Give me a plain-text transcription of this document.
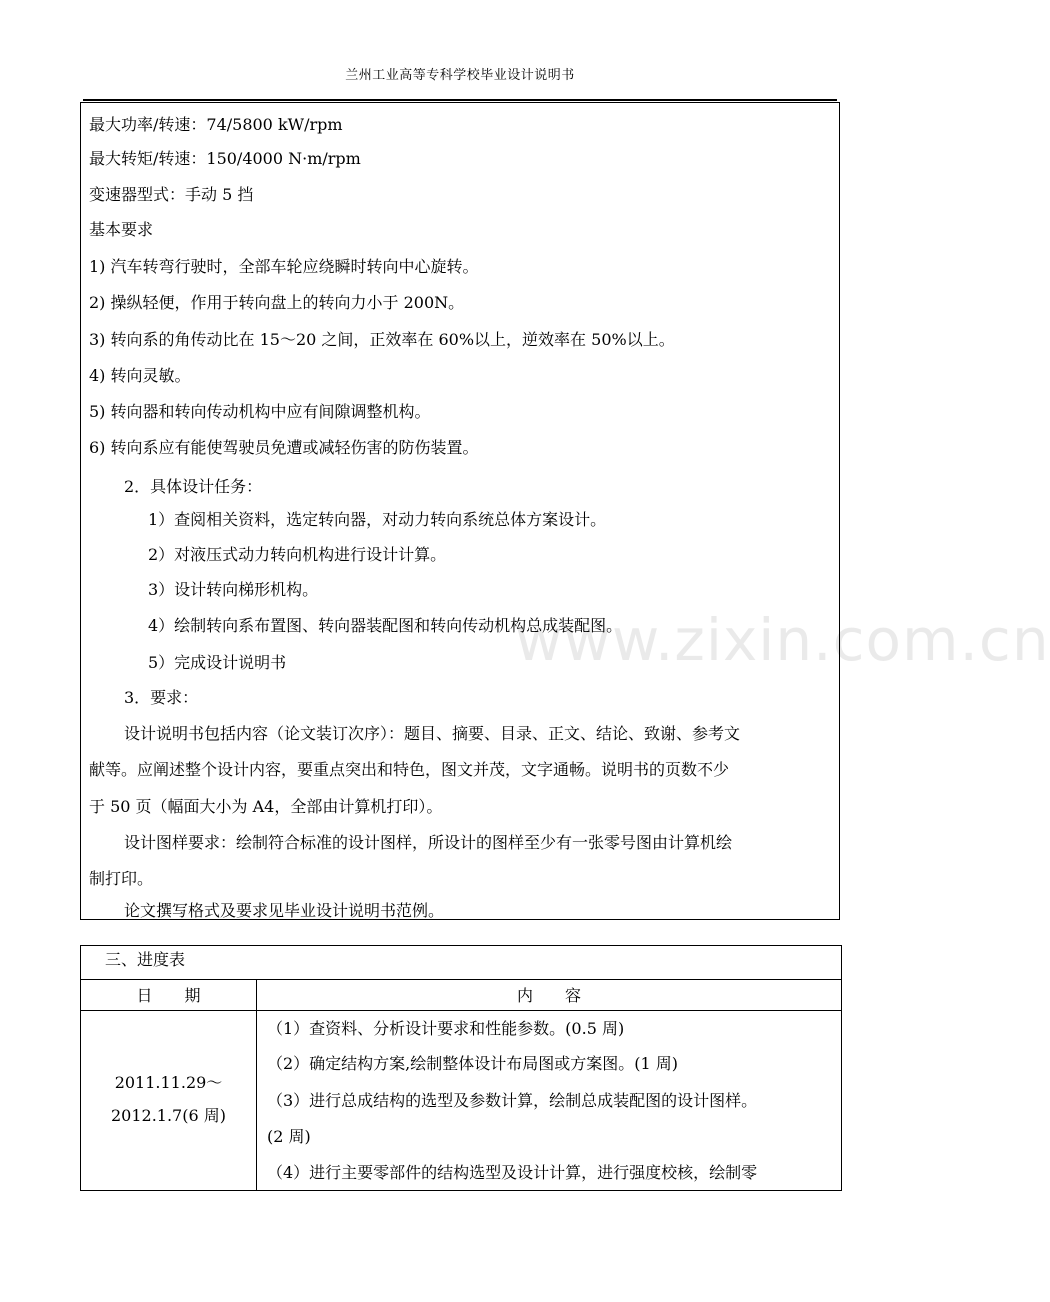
兰州工业高等专科学校毕业设计说明书
www.zixin.com.cn
最大功率/转速：74/5800 kW/rpm
最大转矩/转速：150/4000 N·m/rpm
变速器型式：手动 5 挡
基本要求
1) 汽车转弯行驶时，全部车轮应绕瞬时转向中心旋转。
2) 操纵轻便，作用于转向盘上的转向力小于 200N。
3) 转向系的角传动比在 15～20 之间，正效率在 60%以上，逆效率在 50%以上。
4) 转向灵敏。
5) 转向器和转向传动机构中应有间隙调整机构。
6) 转向系应有能使驾驶员免遭或减轻伤害的防伤装置。
2．具体设计任务：
1）查阅相关资料，选定转向器，对动力转向系统总体方案设计。
2）对液压式动力转向机构进行设计计算。
3）设计转向梯形机构。
4）绘制转向系布置图、转向器装配图和转向传动机构总成装配图。
5）完成设计说明书
3．要求：
设计说明书包括内容（论文装订次序）：题目、摘要、目录、正文、结论、致谢、参考文
献等。应阐述整个设计内容，要重点突出和特色，图文并茂，文字通畅。说明书的页数不少
于 50 页（幅面大小为 A4，全部由计算机打印）。
设计图样要求：绘制符合标准的设计图样，所设计的图样至少有一张零号图由计算机绘
制打印。
论文撰写格式及要求见毕业设计说明书范例。
三、进度表
日　　期	内　　容
2011.11.29～
2012.1.7(6 周)
（1）查资料、分析设计要求和性能参数。(0.5 周)
（2）确定结构方案,绘制整体设计布局图或方案图。(1 周)
（3）进行总成结构的选型及参数计算，绘制总成装配图的设计图样。
(2 周)
（4）进行主要零部件的结构选型及设计计算，进行强度校核，绘制零
